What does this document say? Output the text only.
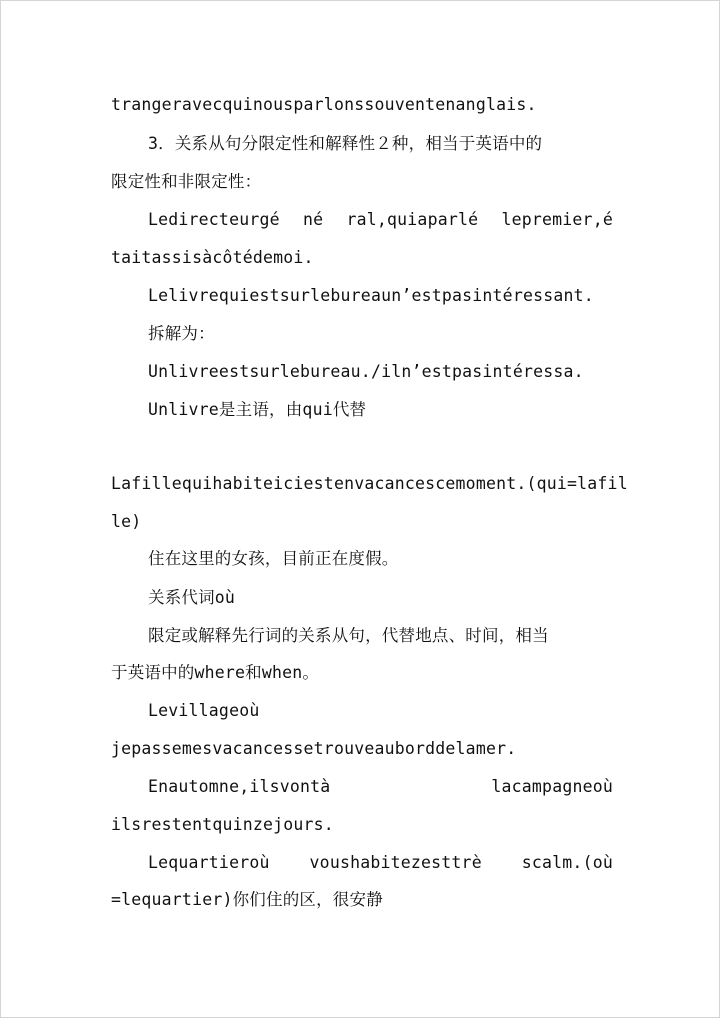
trangeravecquinousparlonssouventenanglais.
3．关系从句分限定性和解释性２种，相当于英语中的
限定性和非限定性：
Ledirecteurgé né ral,quiaparlé lepremier,é
taitassisàcôtédemoi.
Lelivrequiestsurlebureaun’estpasintéressant.
拆解为：
Unlivreestsurlebureau./iln’estpasintéressa.
Unlivre是主语，由qui代替
Lafillequihabiteiciestenvacancescemoment.(qui=lafil
le)
住在这里的女孩，目前正在度假。
关系代词où
限定或解释先行词的关系从句，代替地点、时间，相当
于英语中的where和when。
Levillageoù
jepassemesvacancessetrouveauborddelamer.
Enautomne,ilsvontà	lacampagneoù
ilsrestentquinzejours.
Lequartieroù voushabitezesttrè scalm.(où
=lequartier)你们住的区，很安静
